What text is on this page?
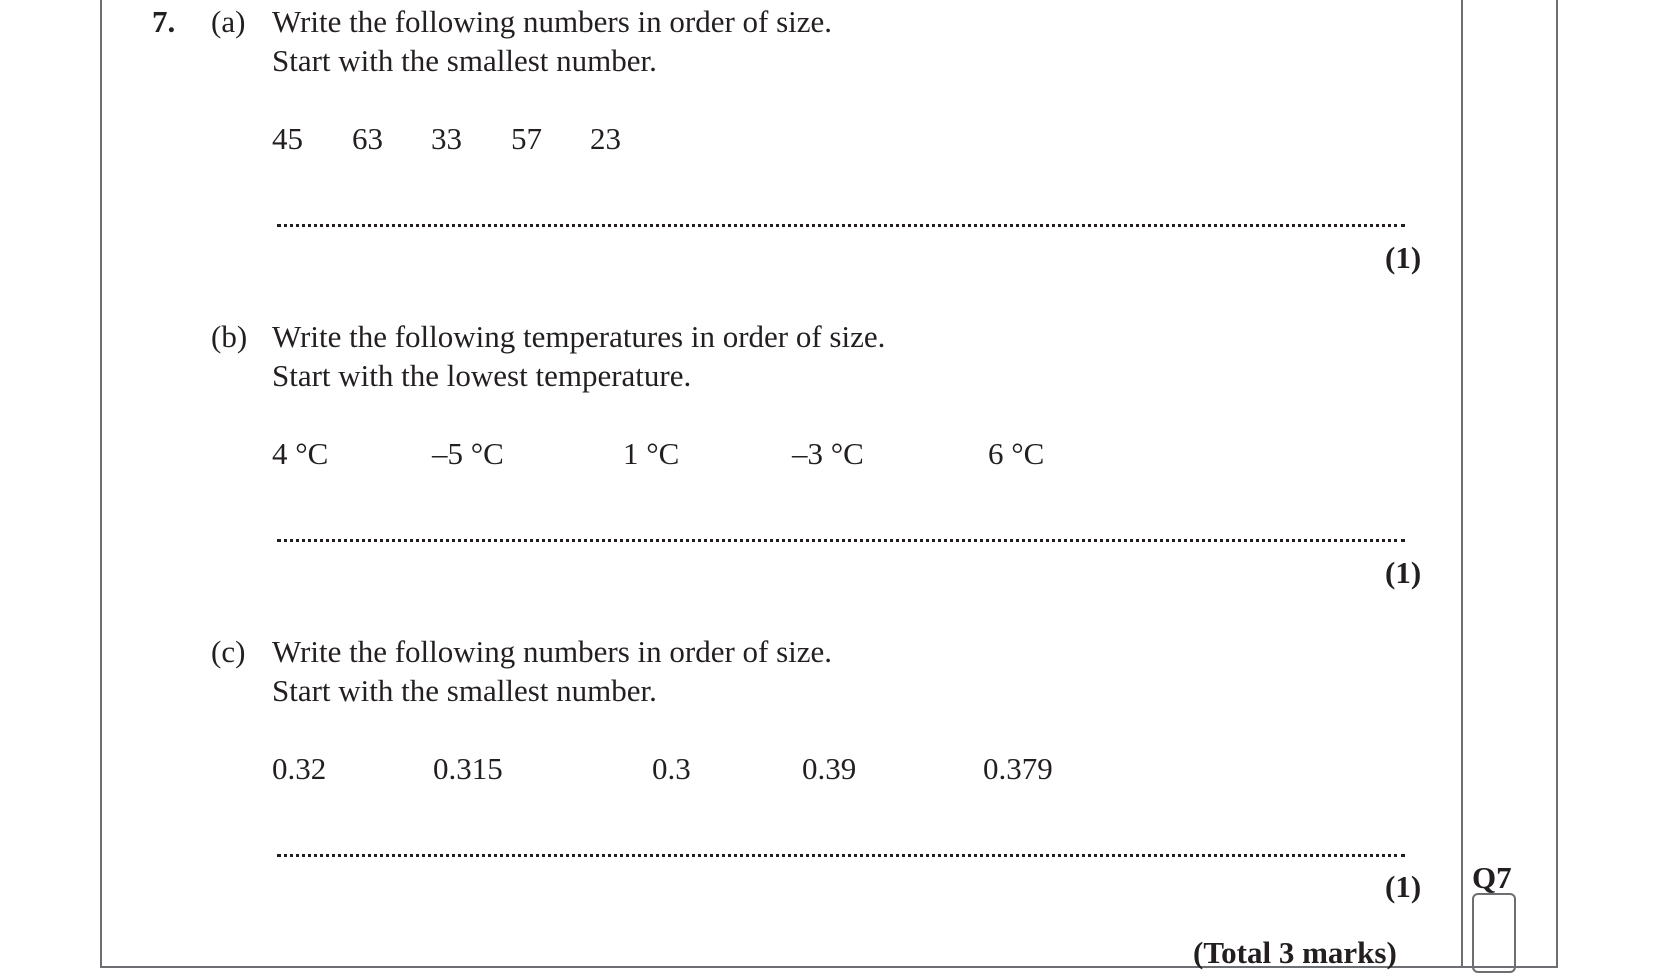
7. (a) Write the following numbers in order of size.
Start with the smallest number.
45 63 33 57 23
(1)
(b) Write the following temperatures in order of size.
Start with the lowest temperature.
4 °C	–5 °C	1 °C	–3 °C	6 °C
(1)
(c) Write the following numbers in order of size.
Start with the smallest number.
0.32	0.315	0.3	0.39	0.379
(1)
(Total 3 marks)
Q7
